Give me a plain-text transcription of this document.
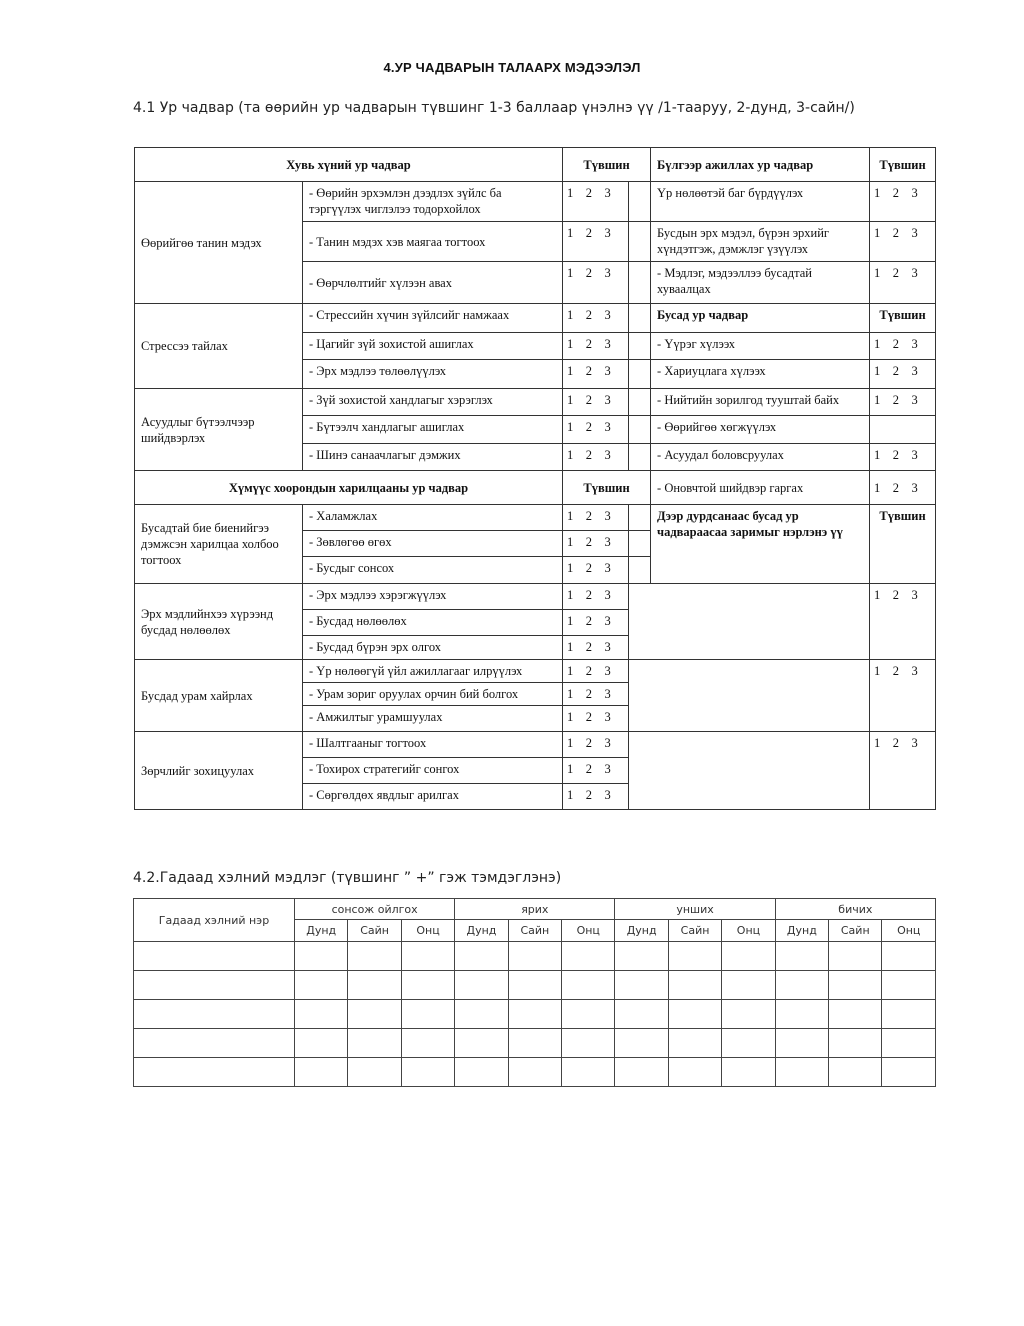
4.УР ЧАДВАРЫН ТАЛААРХ МЭДЭЭЛЭЛ
4.1 Ур чадвар (та өөрийн ур чадварын түвшинг 1-3 баллаар үнэлнэ үү /1-тааруу, 2-дунд, 3-сайн/)
Хувь хүний ур чадвар		Түвшин		Бүлгээр ажиллах ур чадвар	Түвшин
Өөрийгөө танин мэдэх	- Өөрийн эрхэмлэн дээдлэх зүйлс ба тэргүүлэх чиглэлээ тодорхойлох	1    2    3		Үр нөлөөтэй баг бүрдүүлэх	1    2    3
	- Танин мэдэх хэв маягаа тогтоох	1    2    3		Бусдын эрх мэдэл, бүрэн эрхийг хүндэтгэж, дэмжлэг үзүүлэх	1    2    3
	- Өөрчлөлтийг хүлээн авах	1    2    3		- Мэдлэг, мэдээллээ бусадтай хуваалцах	1    2    3
Стрессээ тайлах	- Стрессийн хүчин зүйлсийг намжаах	1    2    3		Бусад ур чадвар	Түвшин
	- Цагийг зүй зохистой ашиглах	1    2    3		- Үүрэг хүлээх	1    2    3
	- Эрх мэдлээ төлөөлүүлэх	1    2    3		- Хариуцлага хүлээх	1    2    3
Асуудлыг бүтээлчээр шийдвэрлэх	- Зүй зохистой хандлагыг хэрэглэх	1    2    3		- Нийтийн зорилгод тууштай байх	1    2    3
	- Бүтээлч хандлагыг ашиглах	1    2    3		- Өөрийгөө хөгжүүлэх	
	- Шинэ санаачлагыг дэмжих	1    2    3		- Асуудал боловсруулах	1    2    3
Хүмүүс хоорондын харилцааны ур чадвар		Түвшин		- Оновчтой шийдвэр гаргах	1    2    3
Бусадтай бие биенийгээ дэмжсэн харилцаа холбоо тогтоох	- Халамжлах	1    2    3		Дээр дурдсанаас бусад ур чадвараасаа заримыг нэрлэнэ үү	Түвшин
	- Зөвлөгөө өгөх	1    2    3			
	- Бусдыг сонсох	1    2    3			
Эрх мэдлийнхээ хүрээнд бусдад нөлөөлөх	- Эрх мэдлээ хэрэгжүүлэх	1    2    3			1    2    3
	- Бусдад нөлөөлөх	1    2    3			
	- Бусдад бүрэн эрх олгох	1    2    3			
Бусдад урам хайрлах	- Үр нөлөөгүй үйл ажиллагааг илрүүлэх	1    2    3			1    2    3
	- Урам зориг оруулах орчин бий болгох	1    2    3			
	- Амжилтыг урамшуулах	1    2    3			
Зөрчлийг зохицуулах	- Шалтгааныг тогтоох	1    2    3			1    2    3
	- Тохирох стратегийг сонгох	1    2    3			
	- Сөргөлдөх явдлыг арилгах	1    2    3			
4.2.Гадаад хэлний мэдлэг (түвшинг ” +” гэж тэмдэглэнэ)
Гадаад хэлний нэр	сонсож ойлгох			ярих			унших			бичих		
	Дунд	Сайн	Онц	Дунд	Сайн	Онц	Дунд	Сайн	Онц	Дунд	Сайн	Онц
